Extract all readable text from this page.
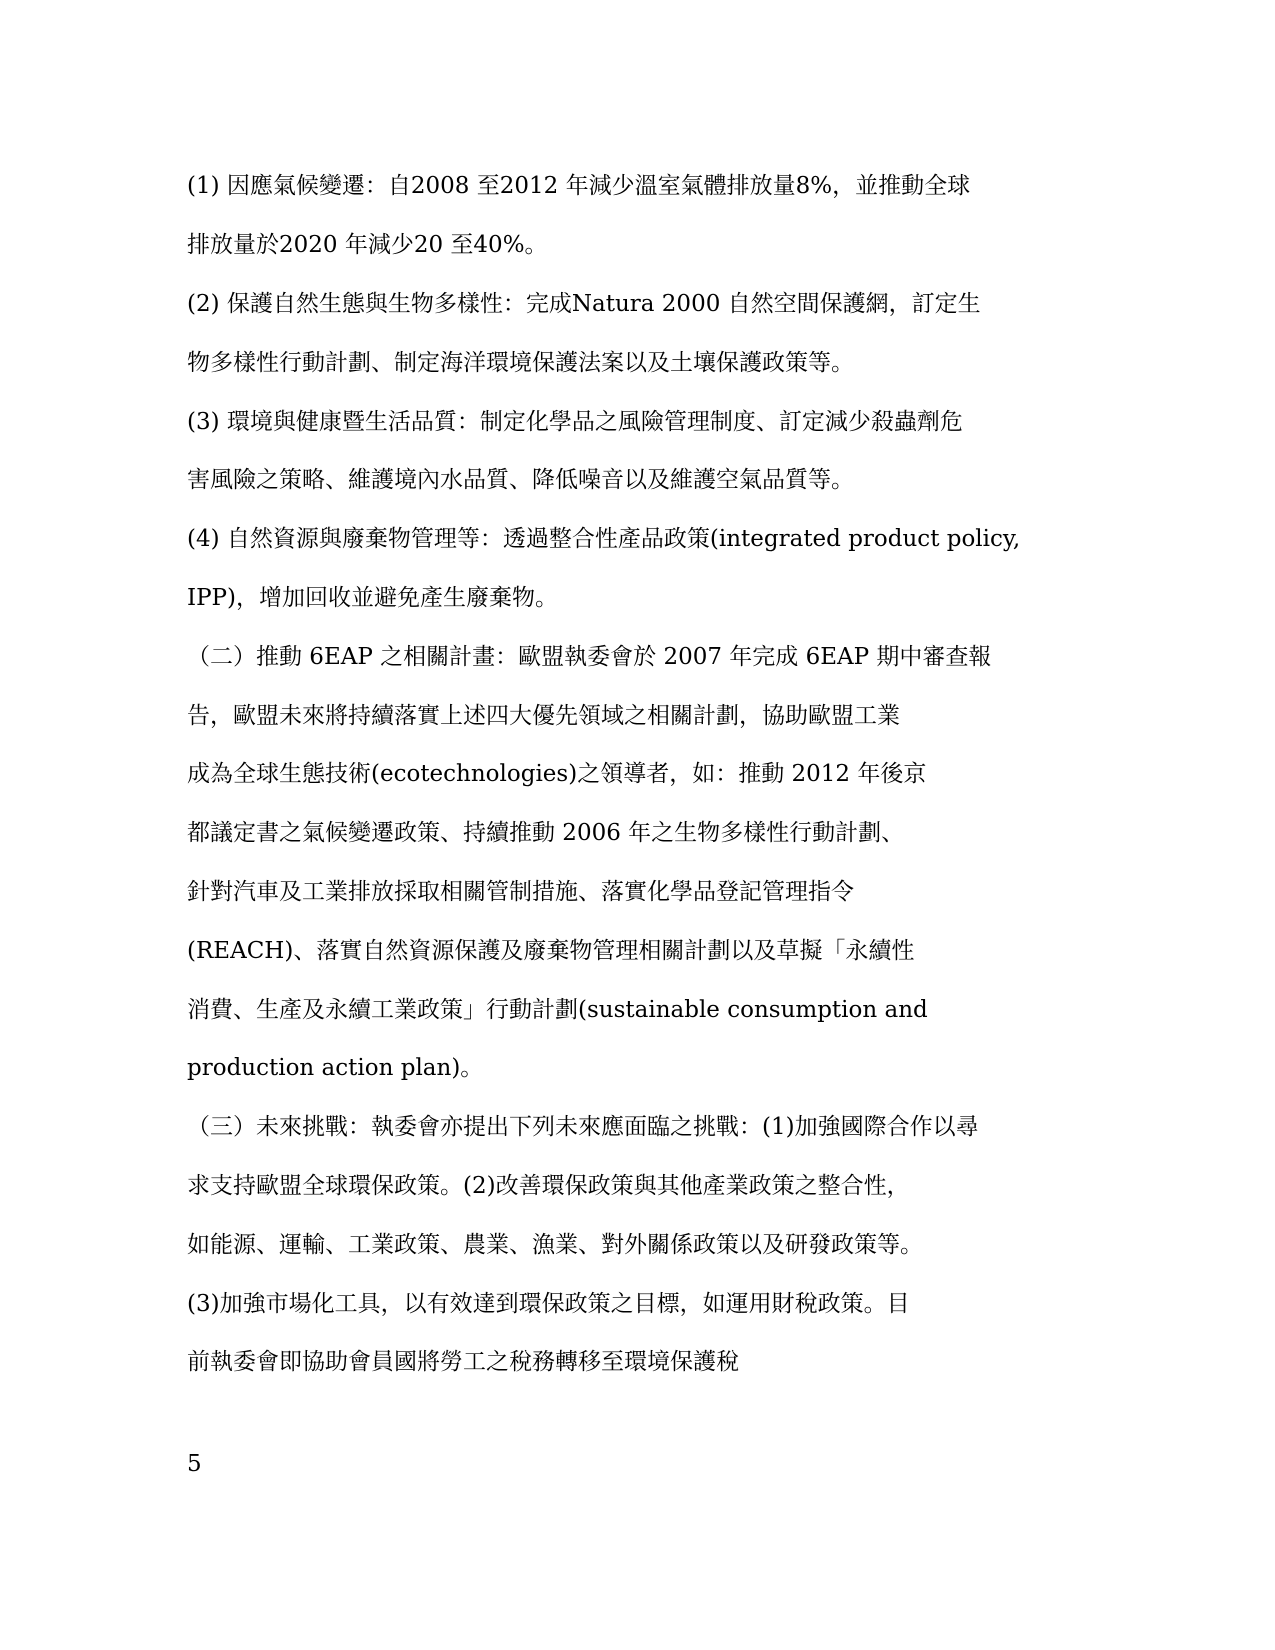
(1) 因應氣候變遷：自2008 至2012 年減少溫室氣體排放量8%，並推動全球
排放量於2020 年減少20 至40%。
(2) 保護自然生態與生物多樣性：完成Natura 2000 自然空間保護網，訂定生
物多樣性行動計劃、制定海洋環境保護法案以及土壤保護政策等。
(3) 環境與健康暨生活品質：制定化學品之風險管理制度、訂定減少殺蟲劑危
害風險之策略、維護境內水品質、降低噪音以及維護空氣品質等。
(4) 自然資源與廢棄物管理等：透過整合性產品政策(integrated product policy,
IPP)，增加回收並避免產生廢棄物。
（二）推動 6EAP 之相關計畫：歐盟執委會於 2007 年完成 6EAP 期中審查報
告，歐盟未來將持續落實上述四大優先領域之相關計劃，協助歐盟工業
成為全球生態技術(ecotechnologies)之領導者，如：推動 2012 年後京
都議定書之氣候變遷政策、持續推動 2006 年之生物多樣性行動計劃、
針對汽車及工業排放採取相關管制措施、落實化學品登記管理指令
(REACH)、落實自然資源保護及廢棄物管理相關計劃以及草擬「永續性
消費、生產及永續工業政策」行動計劃(sustainable consumption and
production action plan)。
（三）未來挑戰：執委會亦提出下列未來應面臨之挑戰：(1)加強國際合作以尋
求支持歐盟全球環保政策。(2)改善環保政策與其他產業政策之整合性，
如能源、運輸、工業政策、農業、漁業、對外關係政策以及研發政策等。
(3)加強市場化工具，以有效達到環保政策之目標，如運用財稅政策。目
前執委會即協助會員國將勞工之稅務轉移至環境保護稅
5
